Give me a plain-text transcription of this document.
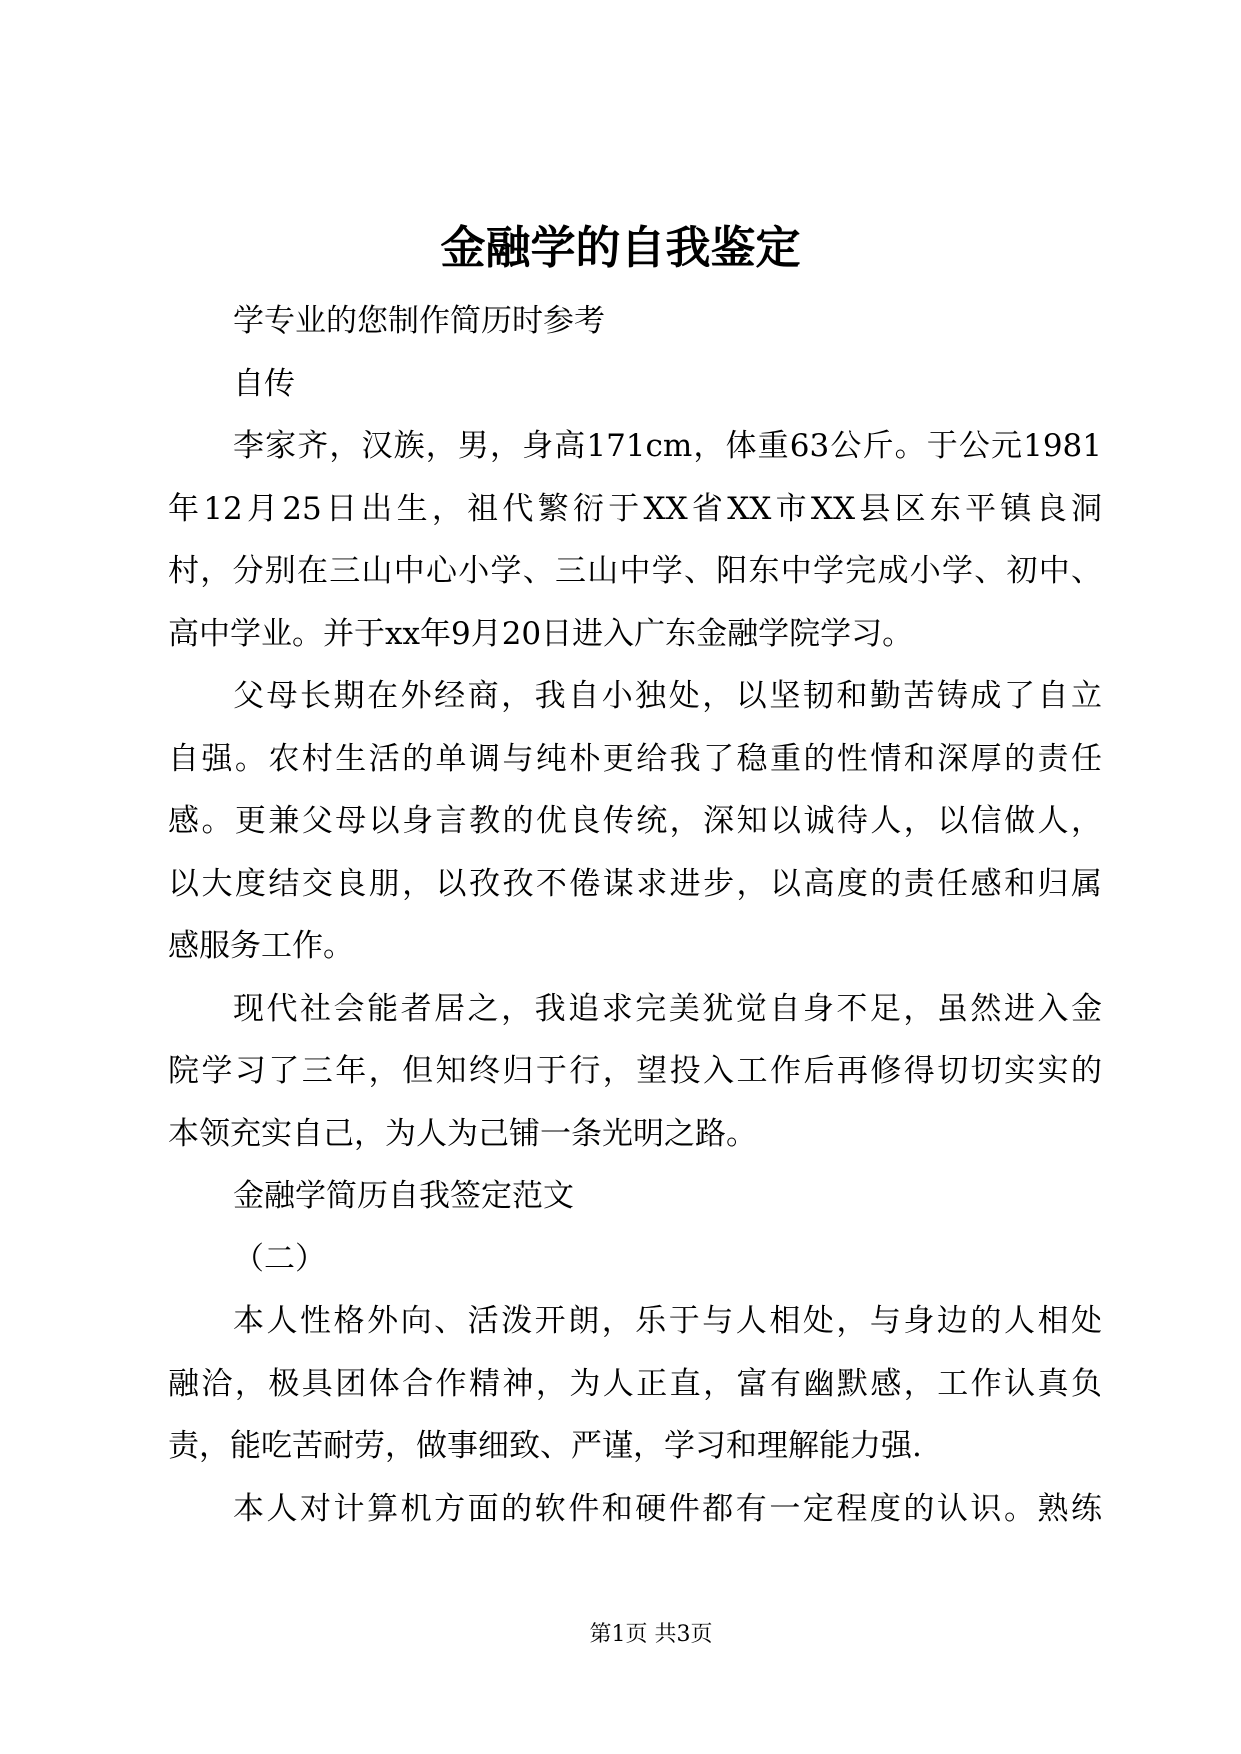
金融学的自我鉴定
学专业的您制作简历时参考
自传
李家齐，汉族，男，身高171cm，体重63公斤。于公元1981
年12月25日出生，祖代繁衍于XX省XX市XX县区东平镇良洞
村，分别在三山中心小学、三山中学、阳东中学完成小学、初中、
高中学业。并于xx年9月20日进入广东金融学院学习。
父母长期在外经商，我自小独处，以坚韧和勤苦铸成了自立
自强。农村生活的单调与纯朴更给我了稳重的性情和深厚的责任
感。更兼父母以身言教的优良传统，深知以诚待人，以信做人，
以大度结交良朋，以孜孜不倦谋求进步，以高度的责任感和归属
感服务工作。
现代社会能者居之，我追求完美犹觉自身不足，虽然进入金
院学习了三年，但知终归于行，望投入工作后再修得切切实实的
本领充实自己，为人为己铺一条光明之路。
金融学简历自我签定范文
（二）
本人性格外向、活泼开朗，乐于与人相处，与身边的人相处
融洽，极具团体合作精神，为人正直，富有幽默感，工作认真负
责，能吃苦耐劳，做事细致、严谨，学习和理解能力强.
本人对计算机方面的软件和硬件都有一定程度的认识。熟练
第1页 共3页
